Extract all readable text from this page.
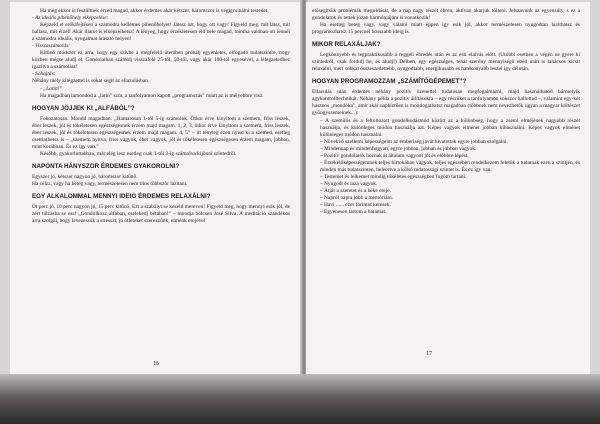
Ha még ekkor is feszültnek érzed magad, akkor érdemes akár kétszer, háromszor is végigcsinálni testedet.

- Az ideális pihenőhely elképzelése:

Képzeld el erőkifejtésen a számodra kellemes pihenőhelyet! Játssz azt, hogy ott vagy! Figyeld meg, mit látsz, mit hallasz, mit érzel! Akár illatot is elképzelhetsz! A lényeg, hogy érzékletesen éld bele magad, mintha valóban ott lennél a számodra ideális, nyugalmat árasztó helyen!

- Visszaszámolás:

Kitűnő módszer ez arra, hogy egy szívbe a megfelelő ütemben próbálj egyenletes, elfogadó tudatszintre, hogy közben mégse aludj el. Gondolatban számolj visszafelé 25-től, 50-től, vagy akár 100-tól egyesével, a lélegzetedhez igazítva a számolást!

- Sóhajtás:

Néhány mély kilégzettel is sokat segít az ellazulásban.

- „Latin!”

Ha magadban lámondod a „latin” szót, a tanfolyamon kapott „programozás” miatt az is mélyebbre visz.

HOGYAN JÖJJEK KI „ALFÁBÓL”?

Fokozatosan. Mondd magadban: „Hamarosan 1-től 5-ig számolok. Ötkor érve kinyitom a szemem, friss leszek, éber leszek, jól és tökéletesen egészségesnek érzem majd magam. 1, 2, 3, ötkor érve kinyitom a szemem, friss leszek, éber leszek, jól és tökéletesen egészségesnek érzem majd magam. 4, 5” – itt tényleg ezen nyisd ki a szemed, esetleg csettinthetsz is – „szemem nyitva, friss vagyok, éber vagyok, jól és tökéletesen egészségesen érzem magam, jobban, mint korábban. És ez így van.”

Később, gyakorlottabban, már elég lesz esetleg csak 1-től 3-ig számolva kijönni szintedről.

NAPONTA HÁNYSZOR ÉRDEMES GYAKOROLNI?

Egyszer jó, kétszer nagyon jó, háromszor kitűnő.

Ha célzz, vagy ha beteg vagy, természetesen nem tilos többször lazítani.

EGY ALKALOMMAL MENNYI IDEIG ÉRDEMES RELAXÁLNI?

Öt perc jó, 10 perc nagyon jó, 15 perc kitűnő. Ezt a szabályt se kezeld mereven! Figyeld meg, hogy mennyi ezik jól, de zért túlzásba se ess! „Gondolkozz alfában, cselekedj bétában!” – mondja bölcsen José Silva. A meditáció szándékos arra szolgál, hogy levezessük a stresszt, jó ötleteket szerezzünk, elménk erejével

16

elősegítsük problémák megoldását, de a nap nagy részét ébren, aktívan akarjuk tölteni. Jelszavunk az egyensúly, s ez a gondolatok és tettek józan harmóniájára is vonatkozik!

Ha esetleg beteg vagy, vagy valami miatt éppen így esik jól, akkor természetesen nyugodtan lazíthatsz és programozhatsz 15 percnél hosszabb ideig is.

MIKOR RELAXÁLJAK?

Legkönnyebb és legpraktikusabb a reggeli ébredés után és az esti elalvás előtt. (Utóbbi esetben a végén ne gyere ki szintedről, csak fordulj be, és aludj!) Délben, egy egészséges, tehát szerény mennyiségű ebéd után is tanácsos kicsit relaxálni, mert sokkal összeszedettebb, nyugodtabb, energikusabb és hatékonyabb leszel így délután.

HOGYAN PROGRAMOZZAM „SZÁMÍTÓGÉPEMET”?

Ellazulás után érdemes néhány pozitív üzenettel tudatosan megfogalmazni, majd használhatod bármelyik agykontrolltechnikát. Néhány példa a pozitív állításokra – egy részüket a tanfolyamon sokszor hallottad –, valamint egy-két hasznos „mondóka”, amit akár naphíztően is mondogathatsz magadban (többnek nem nevezhetők ugyan a magyar költészet gyöngyszemeinek...):

– A szemülis és a feltoltozott gondolkodásmód között az a különbség, hogy a zsemi elméjének nagyobb részét használja, és különleges módon használja azt. Képes vagyok elménet jobban kihasználni. Képes vagyok elménet különleges módon használni.

– Növekvő szellemi képességeim az emberiség javát hivatottak egyre jobban szolgálni.

– Mindennap és mindenhogyan, egyre jobban, jobban és jobban vagyok.

– Pozitív gondolatok hoznak át általam vagyont jót és előbbre lépést.

– Érzékelőképességemnek teljes birtokában vagyok, teljes egészében rendelkezem feletük a tudatnak ezen a szintjén, és minden más tudatszinten, beleértve a külső tudatossági szintet is. És ez így van.

– Testemet és lelkemet mindig tökéletes egészségben fogom tartani.

– Nyugodt és laza vagyok.

– Átjár a szeretet és a béke ereje.

– Napról napra jobb a memóriám.

– Havi ...... ezer forintot keresek.

– Egyenesen tartom a hátamat.

17
